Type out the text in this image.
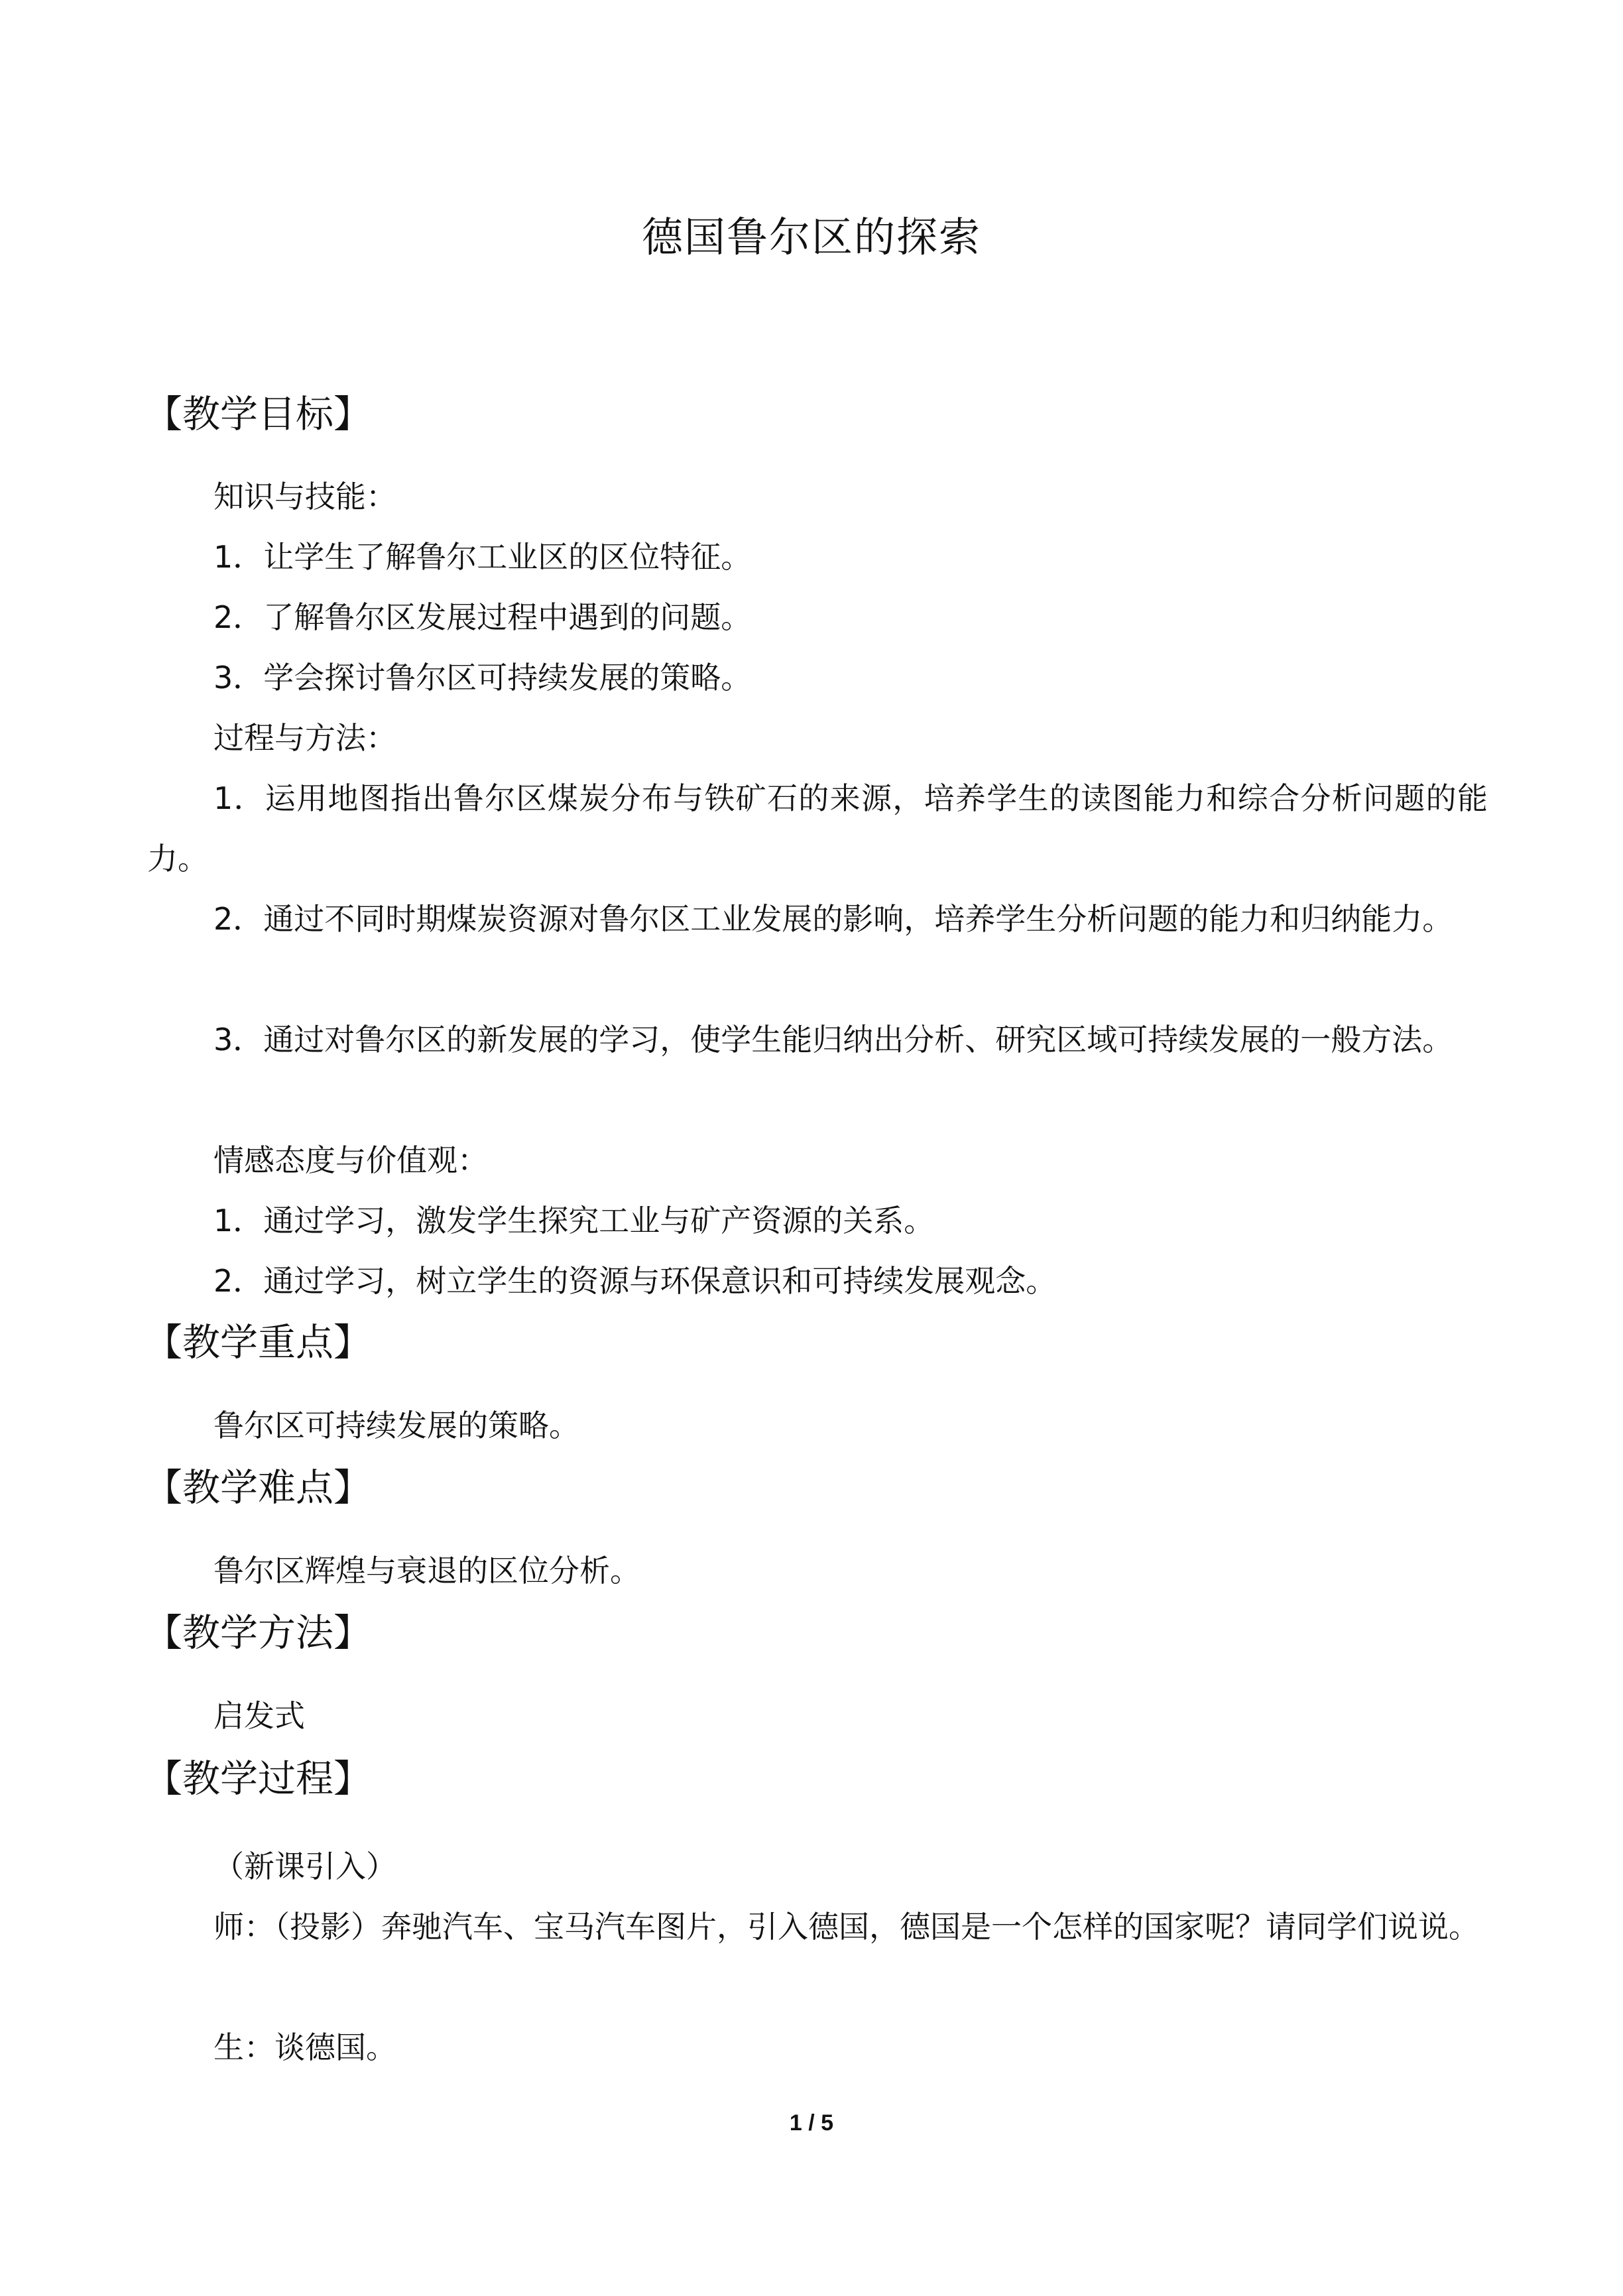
德国鲁尔区的探索
【教学目标】
知识与技能：
1．让学生了解鲁尔工业区的区位特征。
2．了解鲁尔区发展过程中遇到的问题。
3．学会探讨鲁尔区可持续发展的策略。
过程与方法：
1．运用地图指出鲁尔区煤炭分布与铁矿石的来源，培养学生的读图能力和综合分析问题的能力。
2．通过不同时期煤炭资源对鲁尔区工业发展的影响，培养学生分析问题的能力和归纳能力。
3．通过对鲁尔区的新发展的学习，使学生能归纳出分析、研究区域可持续发展的一般方法。
情感态度与价值观：
1．通过学习，激发学生探究工业与矿产资源的关系。
2．通过学习，树立学生的资源与环保意识和可持续发展观念。
【教学重点】
鲁尔区可持续发展的策略。
【教学难点】
鲁尔区辉煌与衰退的区位分析。
【教学方法】
启发式
【教学过程】
（新课引入）
师：（投影）奔驰汽车、宝马汽车图片，引入德国，德国是一个怎样的国家呢？请同学们说说。
生：谈德国。
1 / 5
